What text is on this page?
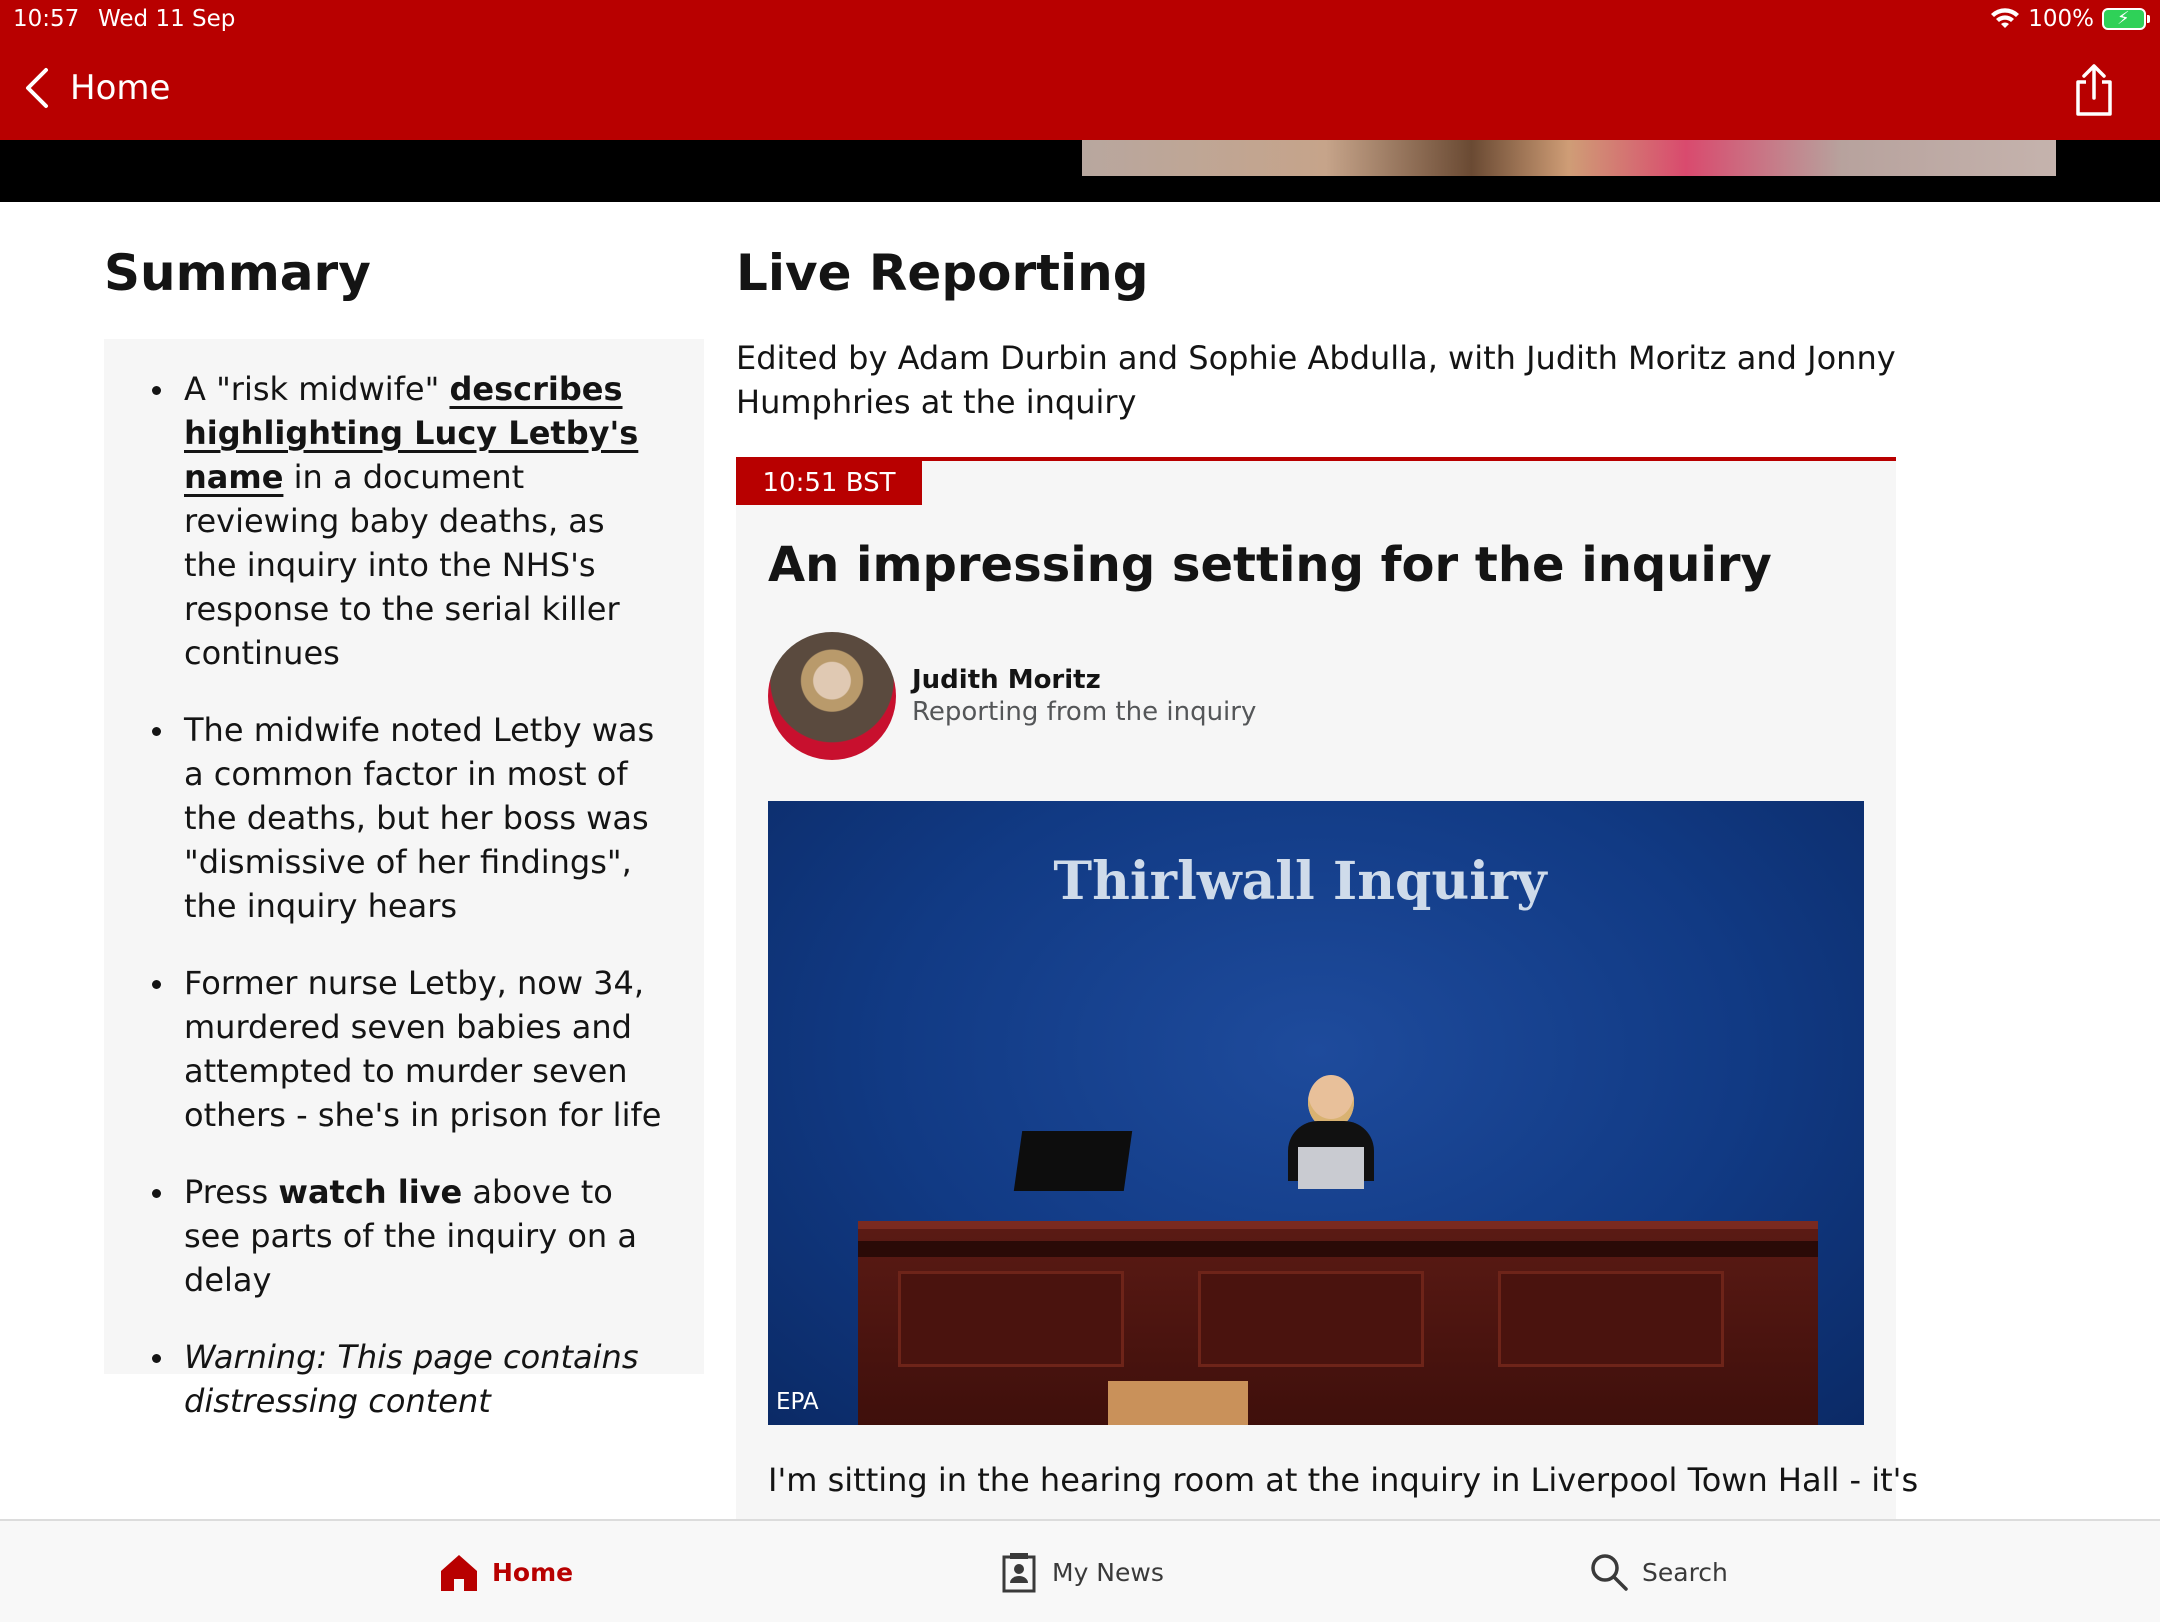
10:57 Wed 11 Sep	100% ⚡
Home
Summary
A "risk midwife" describes highlighting Lucy Letby's name in a document reviewing baby deaths, as the inquiry into the NHS's response to the serial killer continues
The midwife noted Letby was a common factor in most of the deaths, but her boss was "dismissive of her findings", the inquiry hears
Former nurse Letby, now 34, murdered seven babies and attempted to murder seven others - she's in prison for life
Press watch live above to see parts of the inquiry on a delay
Warning: This page contains distressing content
Live Reporting
Edited by Adam Durbin and Sophie Abdulla, with Judith Moritz and Jonny Humphries at the inquiry
10:51 BST
An impressing setting for the inquiry
Judith Moritz
Reporting from the inquiry
Thirlwall Inquiry
EPA
I'm sitting in the hearing room at the inquiry in Liverpool Town Hall - it's
Home	My News	Search
